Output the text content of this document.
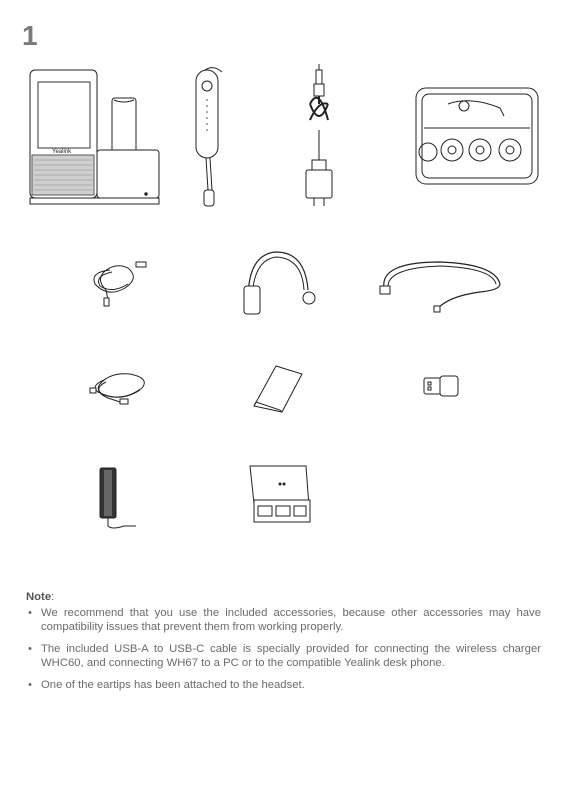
1
Yealink
Note:
• We recommend that you use the included accessories, because other accessories may have compatibility issues that prevent them from working properly.
• The included USB-A to USB-C cable is specially provided for connecting the wireless charger WHC60, and connecting WH67 to a PC or to the compatible Yealink desk phone.
• One of the eartips has been attached to the headset.
